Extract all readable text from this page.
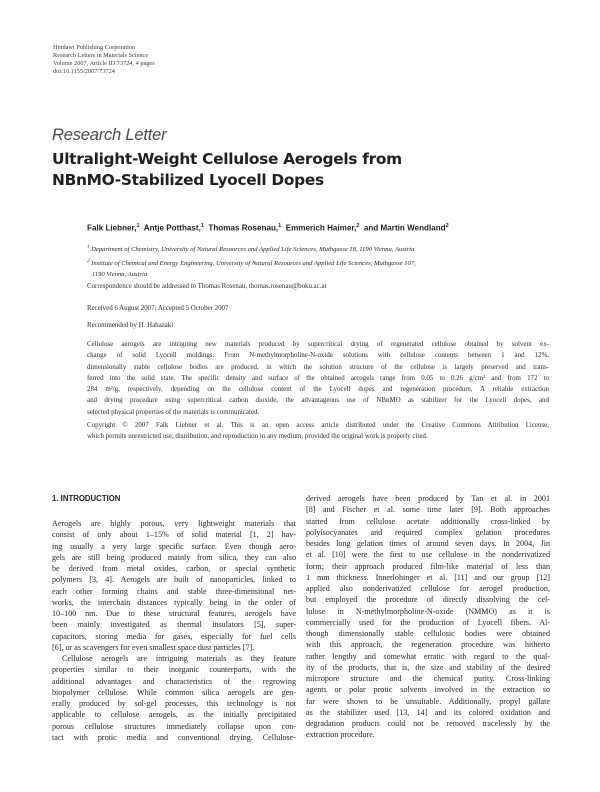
Hindawi Publishing Corporation
Research Letters in Materials Science
Volume 2007, Article ID 73724, 4 pages
doi:10.1155/2007/73724
Research Letter
Ultralight-Weight Cellulose Aerogels from
NBnMO-Stabilized Lyocell Dopes
Falk Liebner,$^1$ Antje Potthast,$^1$ Thomas Rosenau,$^1$ Emmerich Haimer,$^2$ and Martin Wendland$^2$
$^1$ Department of Chemistry, University of Natural Resources and Applied Life Sciences, Muthgasse 18, 1190 Vienna, Austria
$^2$ Institute of Chemical and Energy Engineering, University of Natural Resources and Applied Life Sciences, Muthgasse 107,
1190 Vienna, Austria
Correspondence should be addressed to Thomas Rosenau, thomas.rosenau@boku.ac.at
Received 6 August 2007; Accepted 5 October 2007
Recommended by H. Hahazaki
Cellulose aerogels are intriguing new materials produced by supercritical drying of regenerated cellulose obtained by solvent ex-
change of solid Lyocell moldings. From N-methylmorpholine-N-oxide solutions with cellulose contents between 1 and 12%,
dimensionally stable cellulose bodies are produced, in which the solution structure of the cellulose is largely preserved and trans-
ferred into the solid state. The specific density and surface of the obtained aerogels range from 0.05 to 0.26 g/cm³ and from 172 to
284 m²/g, respectively, depending on the cellulose content of the Lyocell dopes and regeneration procedure. A reliable extraction
and drying procedure using supercritical carbon dioxide, the advantageous use of NBnMO as stabilizer for the Lyocell dopes, and
selected physical properties of the materials is communicated.
Copyright © 2007 Falk Liebner et al. This is an open access article distributed under the Creative Commons Attribution License,
which permits unrestricted use, distribution, and reproduction in any medium, provided the original work is properly cited.
1. INTRODUCTION
Aerogels are highly porous, very lightweight materials that
consist of only about 1–15% of solid material [1, 2] hav-
ing usually a very large specific surface. Even though aero-
gels are still being produced mainly from silica, they can also
be derived from metal oxides, carbon, or special synthetic
polymers [3, 4]. Aerogels are built of nanoparticles, linked to
each other forming chains and stable three-dimensional net-
works, the interchain distances typically being in the order of
10–100 nm. Due to these structural features, aerogels have
been mainly investigated as thermal insulators [5], super-
capacitors, storing media for gases, especially for fuel cells
[6], or as scavengers for even smallest space dust particles [7].
Cellulose aerogels are intriguing materials as they feature
properties similar to their inorganic counterparts, with the
additional advantages and characteristics of the regrowing
biopolymer cellulose. While common silica aerogels are gen-
erally produced by sol-gel processes, this technology is not
applicable to cellulose aerogels, as the initially precipitated
porous cellulose structures immediately collapse upon con-
tact with protic media and conventional drying. Cellulose-
derived aerogels have been produced by Tan et al. in 2001
[8] and Fischer et al. some time later [9]. Both approaches
started from cellulose acetate additionally cross-linked by
polyisocyanates and required complex gelation procedures
besides long gelation times of around seven days. In 2004, Jin
et al. [10] were the first to use cellulose in the nonderivatized
form; their approach produced film-like material of less than
1 mm thickness. Innerlohinger et al. [11] and our group [12]
applied also nonderivatized cellulose for aerogel production,
but employed the procedure of directly dissolving the cel-
lulose in N-methylmorpholine-N-oxide (NMMO) as it is
commercially used for the production of Lyocell fibers. Al-
though dimensionally stable cellulosic bodies were obtained
with this approach, the regeneration procedure was hitherto
rather lengthy and somewhat erratic with regard to the qual-
ity of the products, that is, the size and stability of the desired
micropore structure and the chemical purity. Cross-linking
agents or polar protic solvents involved in the extraction so
far were shown to be unsuitable. Additionally, propyl gallate
as the stabilizer used [13, 14] and its colored oxidation and
degradation products could not be removed tracelessly by the
extraction procedure.
